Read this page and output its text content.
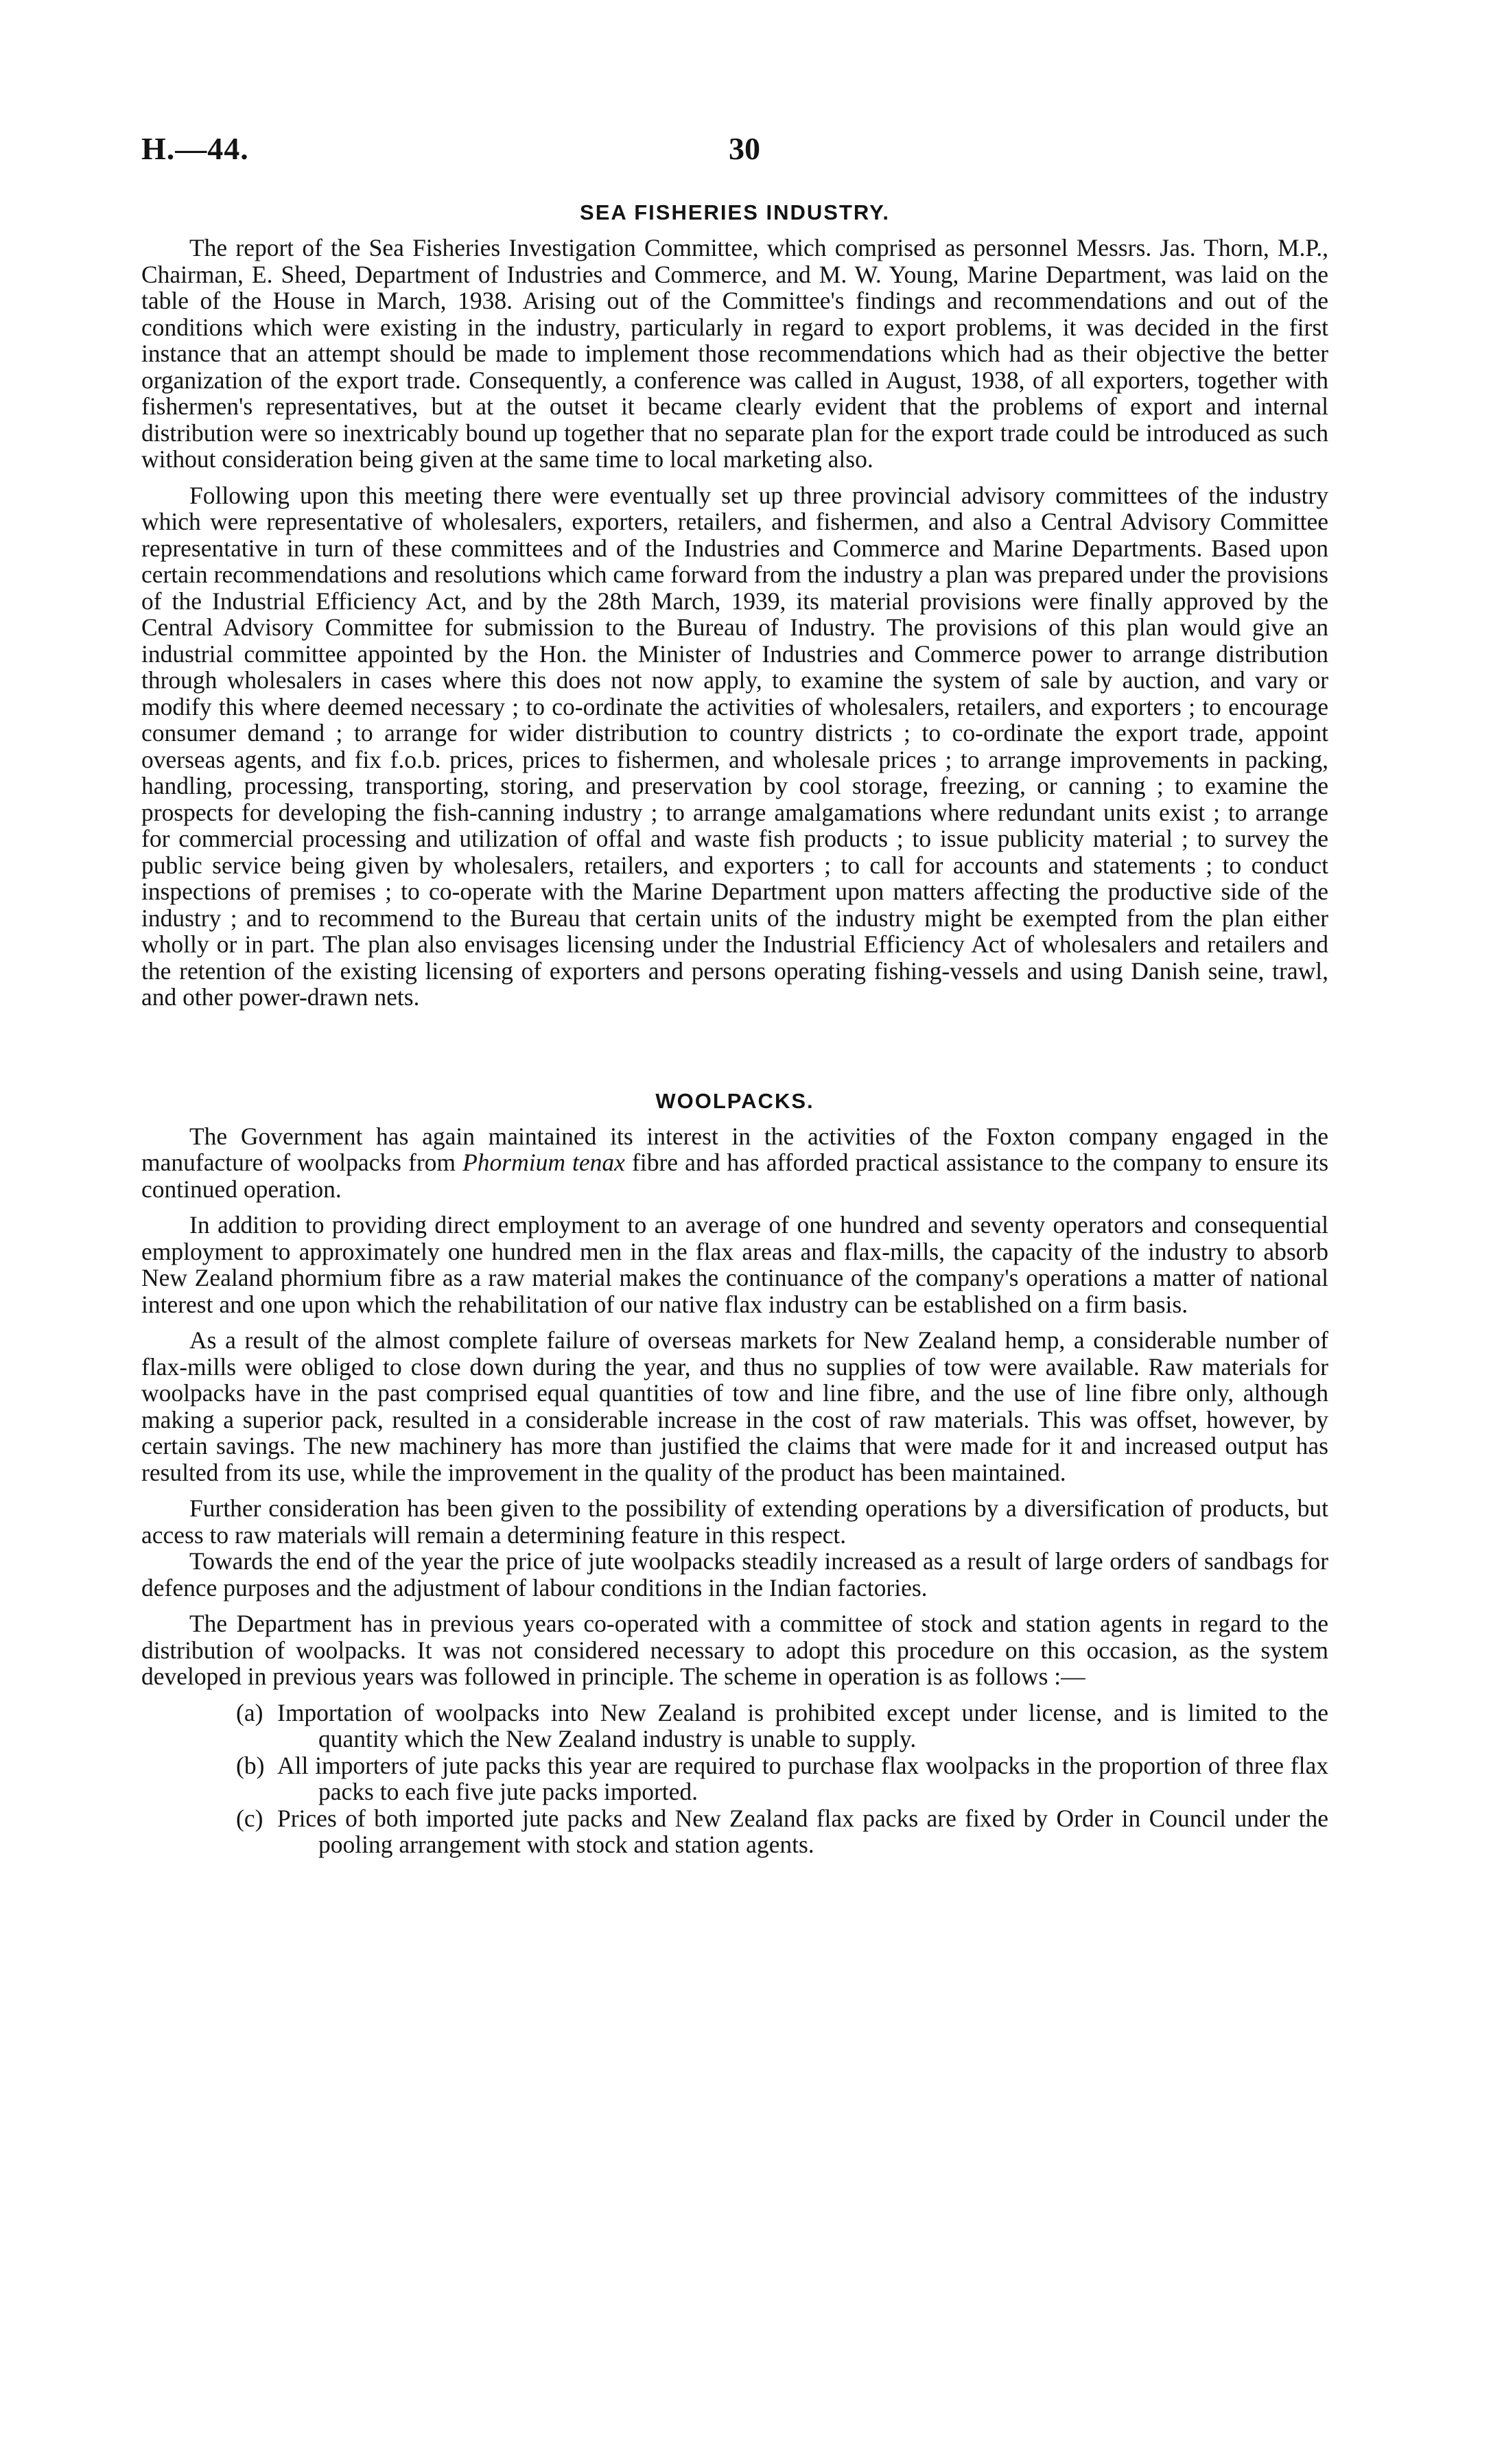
H.—44.	30
SEA FISHERIES INDUSTRY.

The report of the Sea Fisheries Investigation Committee, which comprised as personnel Messrs. Jas. Thorn, M.P., Chairman, E. Sheed, Department of Industries and Commerce, and M. W. Young, Marine Department, was laid on the table of the House in March, 1938. Arising out of the Committee's findings and recommendations and out of the conditions which were existing in the industry, particularly in regard to export problems, it was decided in the first instance that an attempt should be made to implement those recommendations which had as their objective the better organization of the export trade. Consequently, a conference was called in August, 1938, of all exporters, together with fishermen's representatives, but at the outset it became clearly evident that the problems of export and internal distribution were so inextricably bound up together that no separate plan for the export trade could be introduced as such without consideration being given at the same time to local marketing also.

Following upon this meeting there were eventually set up three provincial advisory committees of the industry which were representative of wholesalers, exporters, retailers, and fishermen, and also a Central Advisory Committee representative in turn of these committees and of the Industries and Commerce and Marine Departments. Based upon certain recommendations and resolutions which came forward from the industry a plan was prepared under the provisions of the Industrial Efficiency Act, and by the 28th March, 1939, its material provisions were finally approved by the Central Advisory Committee for submission to the Bureau of Industry. The provisions of this plan would give an industrial committee appointed by the Hon. the Minister of Industries and Commerce power to arrange distribution through wholesalers in cases where this does not now apply, to examine the system of sale by auction, and vary or modify this where deemed necessary ; to co-ordinate the activities of wholesalers, retailers, and exporters ; to encourage consumer demand ; to arrange for wider distribution to country districts ; to co-ordinate the export trade, appoint overseas agents, and fix f.o.b. prices, prices to fishermen, and wholesale prices ; to arrange improvements in packing, handling, processing, transporting, storing, and preservation by cool storage, freezing, or canning ; to examine the prospects for developing the fish-canning industry ; to arrange amalgamations where redundant units exist ; to arrange for commercial processing and utilization of offal and waste fish products ; to issue publicity material ; to survey the public service being given by wholesalers, retailers, and exporters ; to call for accounts and statements ; to conduct inspections of premises ; to co-operate with the Marine Department upon matters affecting the productive side of the industry ; and to recommend to the Bureau that certain units of the industry might be exempted from the plan either wholly or in part. The plan also envisages licensing under the Industrial Efficiency Act of wholesalers and retailers and the retention of the existing licensing of exporters and persons operating fishing-vessels and using Danish seine, trawl, and other power-drawn nets.

WOOLPACKS.

The Government has again maintained its interest in the activities of the Foxton company engaged in the manufacture of woolpacks from Phormium tenax fibre and has afforded practical assistance to the company to ensure its continued operation.

In addition to providing direct employment to an average of one hundred and seventy operators and consequential employment to approximately one hundred men in the flax areas and flax-mills, the capacity of the industry to absorb New Zealand phormium fibre as a raw material makes the continuance of the company's operations a matter of national interest and one upon which the rehabilitation of our native flax industry can be established on a firm basis.

As a result of the almost complete failure of overseas markets for New Zealand hemp, a considerable number of flax-mills were obliged to close down during the year, and thus no supplies of tow were available. Raw materials for woolpacks have in the past comprised equal quantities of tow and line fibre, and the use of line fibre only, although making a superior pack, resulted in a considerable increase in the cost of raw materials. This was offset, however, by certain savings. The new machinery has more than justified the claims that were made for it and increased output has resulted from its use, while the improvement in the quality of the product has been maintained.

Further consideration has been given to the possibility of extending operations by a diversification of products, but access to raw materials will remain a determining feature in this respect.

Towards the end of the year the price of jute woolpacks steadily increased as a result of large orders of sandbags for defence purposes and the adjustment of labour conditions in the Indian factories.

The Department has in previous years co-operated with a committee of stock and station agents in regard to the distribution of woolpacks. It was not considered necessary to adopt this procedure on this occasion, as the system developed in previous years was followed in principle. The scheme in operation is as follows :—

(a) Importation of woolpacks into New Zealand is prohibited except under license, and is limited to the quantity which the New Zealand industry is unable to supply.
(b) All importers of jute packs this year are required to purchase flax woolpacks in the proportion of three flax packs to each five jute packs imported.
(c) Prices of both imported jute packs and New Zealand flax packs are fixed by Order in Council under the pooling arrangement with stock and station agents.
